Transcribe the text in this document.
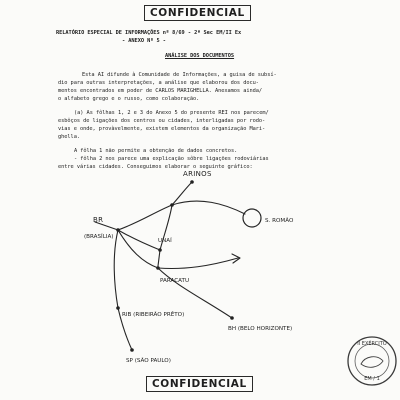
CONFIDENCIAL
RELATÓRIO ESPECIAL DE INFORMAÇÕES nº 8/69 - 2ª Sec EM/II Ex
- ANEXO Nº 5 -
ANÁLISE DOS DOCUMENTOS
Esta AI difunde à Comunidade de Informações, a guisa de subsí-
dio para outras interpretações, a análise que elaborou dos docu-
mentos encontrados em poder de CARLOS MARIGHELLA. Anexamos ainda/
o alfabeto grego e o russo, como colaboração.
(a) As fôlhas 1, 2 e 3 do Anexo 5 do presente REI nos parecem/
esbôços de ligações dos centros ou cidades, interligadas por rodo-
vias e onde, provàvelmente, existem elementos da organização Mari-
ghella.
A fôlha 1 não permite a obtenção de dados concretos.
- fôlha 2 nos parece uma explicação sôbre ligações rodoviárias
entre várias cidades. Conseguimos elaborar o seguinte gráfico:
BR
(BRASÍLIA)
ARINOS
S. ROMÃO
UNAÍ
PARACATU
RIB (RIBEIRÃO PRÊTO)
BH (BELO HORIZONTE)
SP (SÃO PAULO)
II EXÉRCITO
EM / 1
CONFIDENCIAL
